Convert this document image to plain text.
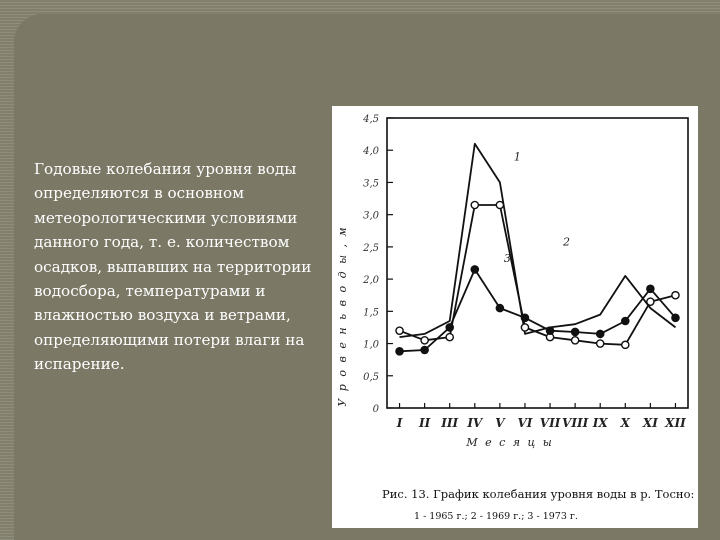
Годовые колебания уровня воды определяются в основном метеорологическими условиями данного года, т. е. количеством осадков, выпавших на территории водосбора, температурами и влажностью воздуха и ветрами, определяющими потери влаги на испарение.
0
0,5
1,0
1,5
2,0
2,5
3,0
3,5
4,0
4,5
I II III IV V VI VII VIII IX X XI XII
1
2
3
У р о в е н ь в о д ы , м
М е с я ц ы
Рис. 13. График колебания уровня воды в р. Тосно:
1 - 1965 г.; 2 - 1969 г.; 3 - 1973 г.
